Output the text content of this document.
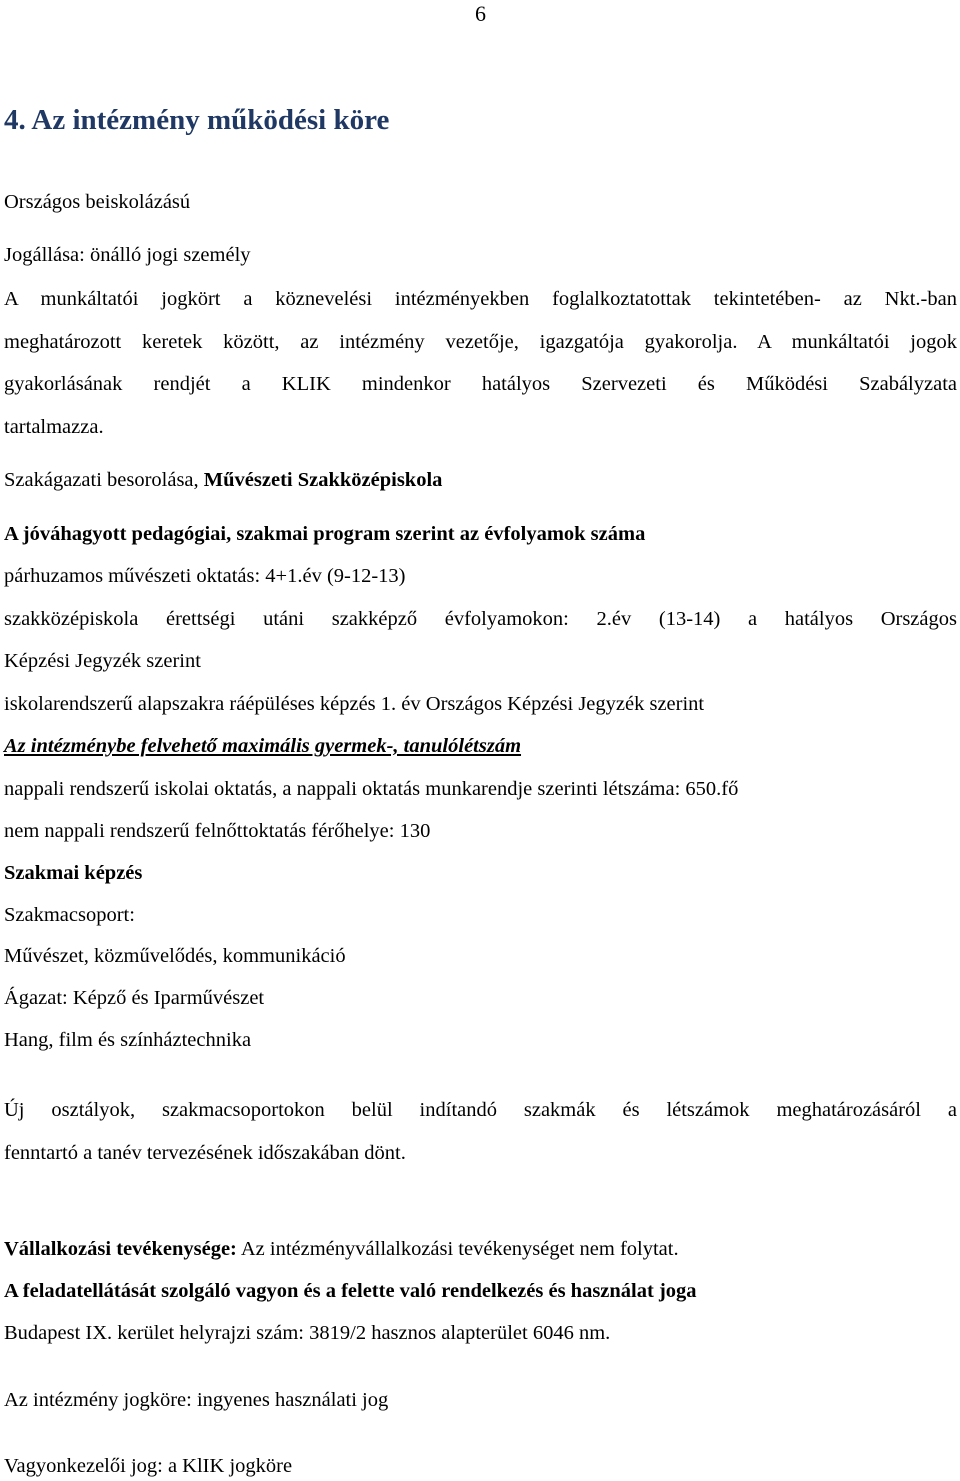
6
4. Az intézmény működési köre
Országos beiskolázású
Jogállása: önálló jogi személy
A munkáltatói jogkört a köznevelési intézményekben foglalkoztatottak tekintetében- az Nkt.-ban
meghatározott keretek között, az intézmény vezetője, igazgatója gyakorolja. A munkáltatói jogok
gyakorlásának rendjét a KLIK mindenkor hatályos Szervezeti és Működési Szabályzata
tartalmazza.
Szakágazati besorolása, Művészeti Szakközépiskola
A jóváhagyott pedagógiai, szakmai program szerint az évfolyamok száma
párhuzamos művészeti oktatás: 4+1.év (9-12-13)
szakközépiskola érettségi utáni szakképző évfolyamokon: 2.év (13-14) a hatályos Országos
Képzési Jegyzék szerint
iskolarendszerű alapszakra ráépüléses képzés 1. év Országos Képzési Jegyzék szerint
Az intézménybe felvehető maximális gyermek-, tanulólétszám
nappali rendszerű iskolai oktatás, a nappali oktatás munkarendje szerinti létszáma: 650.fő
nem nappali rendszerű felnőttoktatás férőhelye: 130
Szakmai képzés
Szakmacsoport:
Művészet, közművelődés, kommunikáció
Ágazat: Képző és Iparművészet
Hang, film és színháztechnika
Új osztályok, szakmacsoportokon belül indítandó szakmák és létszámok meghatározásáról a
fenntartó a tanév tervezésének időszakában dönt.
Vállalkozási tevékenysége: Az intézményvállalkozási tevékenységet nem folytat.
A feladatellátását szolgáló vagyon és a felette való rendelkezés és használat joga
Budapest IX. kerület helyrajzi szám: 3819/2 hasznos alapterület 6046 nm.
Az intézmény jogköre: ingyenes használati jog
Vagyonkezelői jog: a KlIK jogköre
